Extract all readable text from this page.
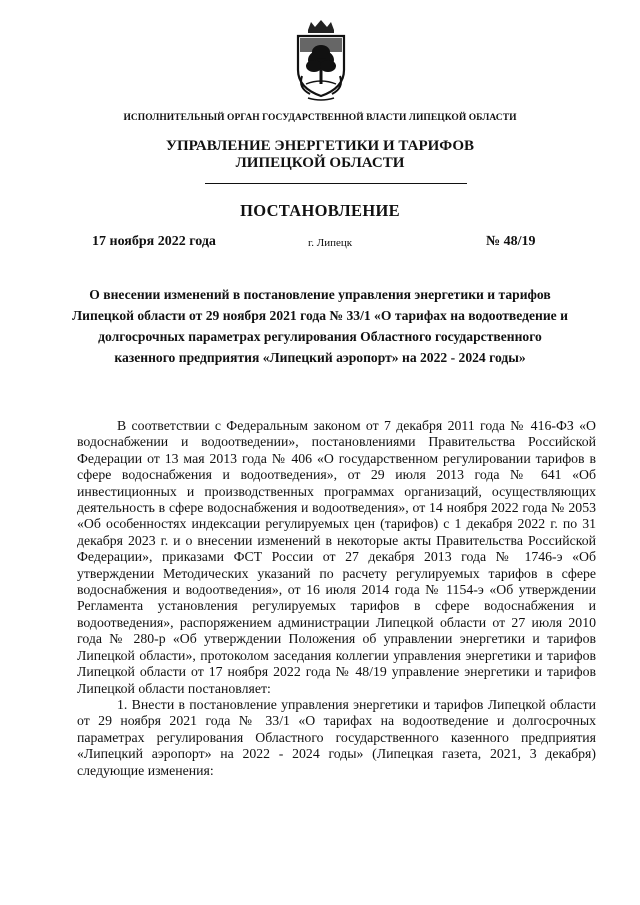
ИСПОЛНИТЕЛЬНЫЙ ОРГАН ГОСУДАРСТВЕННОЙ ВЛАСТИ ЛИПЕЦКОЙ ОБЛАСТИ
УПРАВЛЕНИЕ ЭНЕРГЕТИКИ И ТАРИФОВ
ЛИПЕЦКОЙ ОБЛАСТИ
ПОСТАНОВЛЕНИЕ
17 ноября 2022 года	г. Липецк	№ 48/19
О внесении изменений в постановление управления энергетики и тарифов Липецкой области от 29 ноября 2021 года № 33/1 «О тарифах на водоотведение и долгосрочных параметрах регулирования Областного государственного казенного предприятия «Липецкий аэропорт» на 2022 - 2024 годы»

В соответствии с Федеральным законом от 7 декабря 2011 года № 416-ФЗ «О водоснабжении и водоотведении», постановлениями Правительства Российской Федерации от 13 мая 2013 года № 406 «О государственном регулировании тарифов в сфере водоснабжения и водоотведения», от 29 июля 2013 года № 641 «Об инвестиционных и производственных программах организаций, осуществляющих деятельность в сфере водоснабжения и водоотведения», от 14 ноября 2022 года № 2053 «Об особенностях индексации регулируемых цен (тарифов) с 1 декабря 2022 г. по 31 декабря 2023 г. и о внесении изменений в некоторые акты Правительства Российской Федерации», приказами ФСТ России от 27 декабря 2013 года № 1746-э «Об утверждении Методических указаний по расчету регулируемых тарифов в сфере водоснабжения и водоотведения», от 16 июля 2014 года № 1154-э «Об утверждении Регламента установления регулируемых тарифов в сфере водоснабжения и водоотведения», распоряжением администрации Липецкой области от 27 июля 2010 года № 280-р «Об утверждении Положения об управлении энергетики и тарифов Липецкой области», протоколом заседания коллегии управления энергетики и тарифов Липецкой области от 17 ноября 2022 года № 48/19 управление энергетики и тарифов Липецкой области постановляет:

1. Внести в постановление управления энергетики и тарифов Липецкой области от 29 ноября 2021 года № 33/1 «О тарифах на водоотведение и долгосрочных параметрах регулирования Областного государственного казенного предприятия «Липецкий аэропорт» на 2022 - 2024 годы» (Липецкая газета, 2021, 3 декабря) следующие изменения:
